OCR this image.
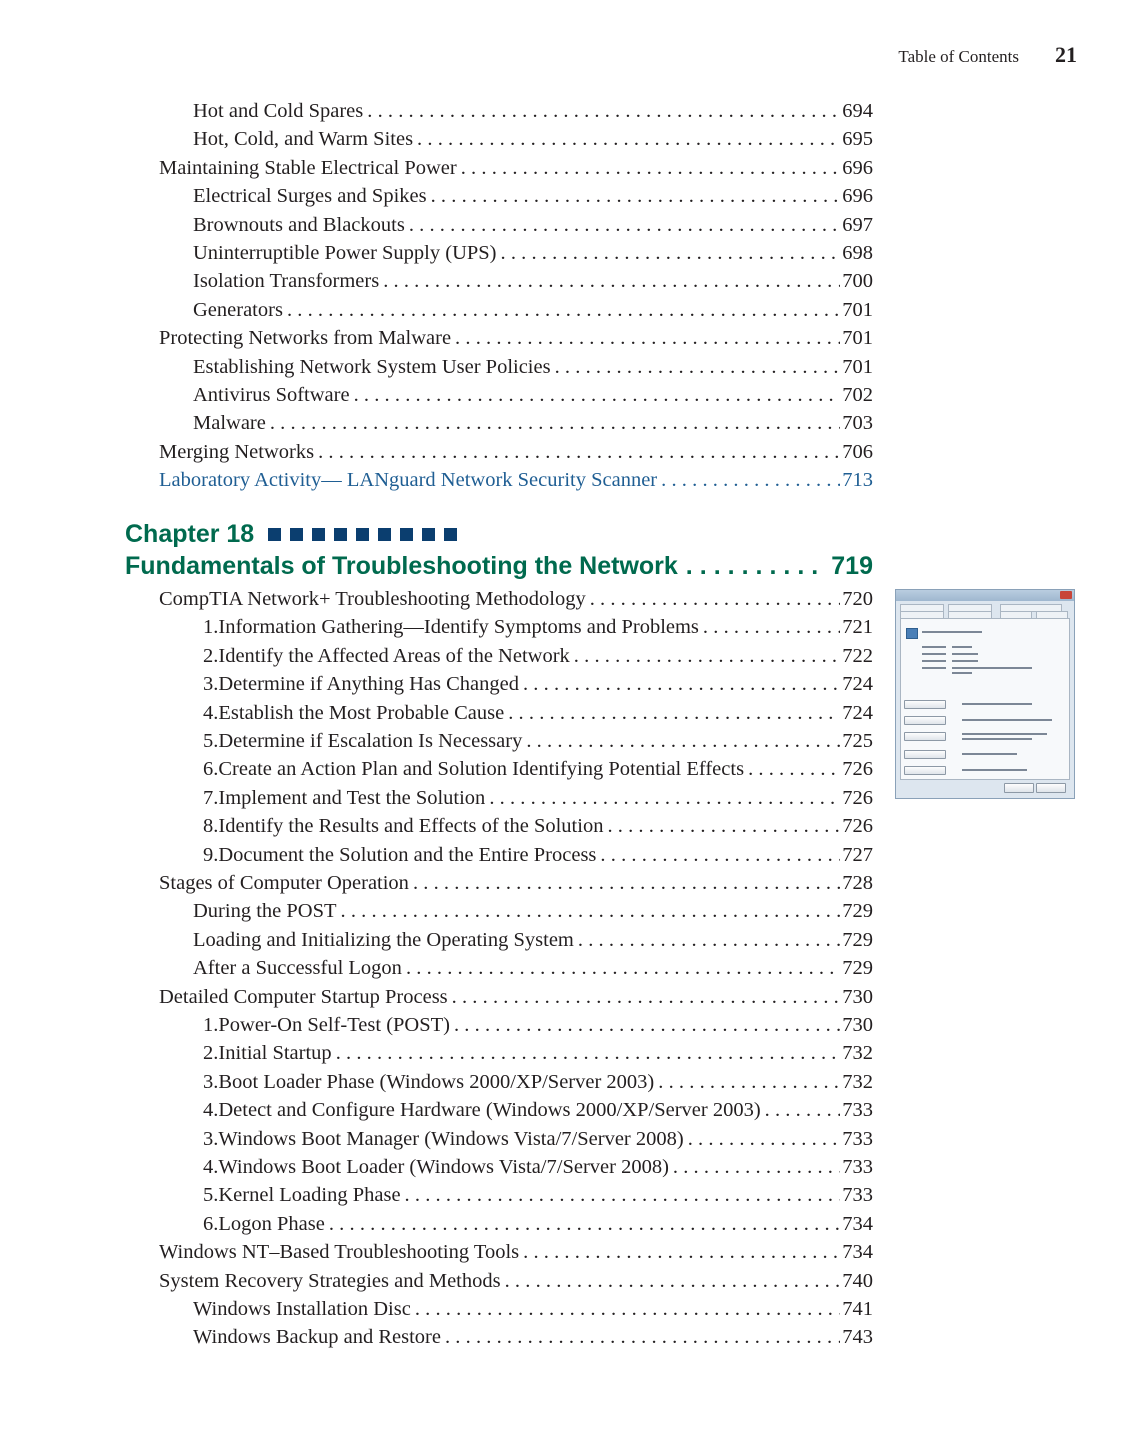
Table of Contents 21
Hot and Cold Spares .....	694
Hot, Cold, and Warm Sites .....	695
Maintaining Stable Electrical Power .....	696
Electrical Surges and Spikes .....	696
Brownouts and Blackouts .....	697
Uninterruptible Power Supply (UPS) .....	698
Isolation Transformers .....	700
Generators .....	701
Protecting Networks from Malware .....	701
Establishing Network System User Policies .....	701
Antivirus Software .....	702
Malware .....	703
Merging Networks .....	706
Laboratory Activity— LANguard Network Security Scanner .....	713
Chapter 18
Fundamentals of Troubleshooting the Network .....	719
CompTIA Network+ Troubleshooting Methodology .....	720
1. Information Gathering—Identify Symptoms and Problems .....	721
2. Identify the Affected Areas of the Network .....	722
3. Determine if Anything Has Changed .....	724
4. Establish the Most Probable Cause .....	724
5. Determine if Escalation Is Necessary .....	725
6. Create an Action Plan and Solution Identifying Potential Effects .....	726
7. Implement and Test the Solution .....	726
8. Identify the Results and Effects of the Solution .....	726
9. Document the Solution and the Entire Process .....	727
Stages of Computer Operation .....	728
During the POST .....	729
Loading and Initializing the Operating System .....	729
After a Successful Logon .....	729
Detailed Computer Startup Process .....	730
1. Power-On Self-Test (POST) .....	730
2. Initial Startup .....	732
3. Boot Loader Phase (Windows 2000/XP/Server 2003) .....	732
4. Detect and Configure Hardware (Windows 2000/XP/Server 2003) .....	733
3. Windows Boot Manager (Windows Vista/7/Server 2008) .....	733
4. Windows Boot Loader (Windows Vista/7/Server 2008) .....	733
5. Kernel Loading Phase .....	733
6. Logon Phase .....	734
Windows NT–Based Troubleshooting Tools .....	734
System Recovery Strategies and Methods .....	740
Windows Installation Disc .....	741
Windows Backup and Restore .....	743
